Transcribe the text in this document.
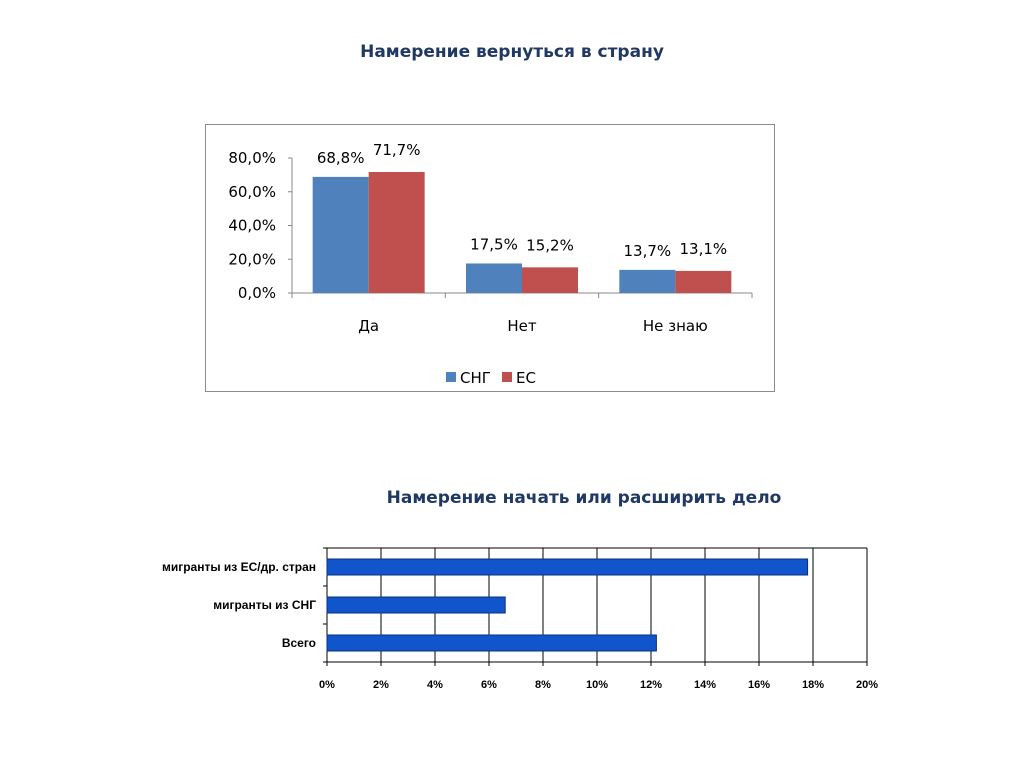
Намерение вернуться в страну
0,0%
20,0%
40,0%
60,0%
80,0%	68,8% 71,7%
Да
17,5% 15,2%
Нет
13,7% 13,1%
Не знаю
СНГ ЕС
Намерение начать или расширить дело
0%	2%	4%	6%	8%	10%	12%	14%	16%	18%	20%
мигранты из ЕС/др. стран
мигранты из СНГ
Всего
